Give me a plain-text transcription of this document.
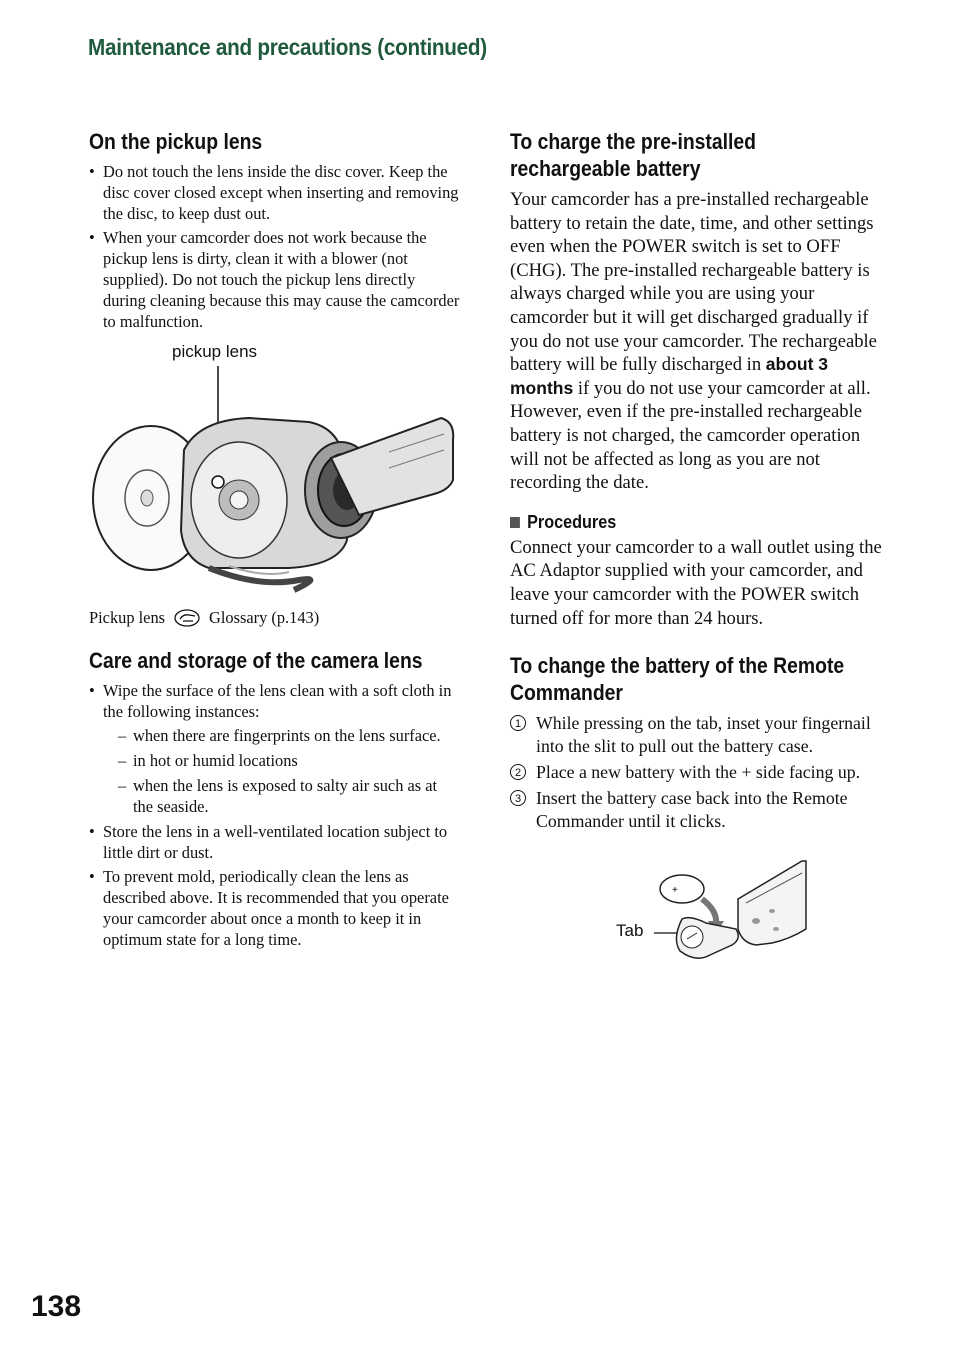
Maintenance and precautions (continued)
On the pickup lens
• Do not touch the lens inside the disc cover. Keep the disc cover closed except when inserting and removing the disc, to keep dust out.
• When your camcorder does not work because the pickup lens is dirty, clean it with a blower (not supplied). Do not touch the pickup lens directly during cleaning because this may cause the camcorder to malfunction.
pickup lens
Pickup lens	Glossary (p.143)
Care and storage of the camera lens
• Wipe the surface of the lens clean with a soft cloth in the following instances:
– when there are fingerprints on the lens surface.
– in hot or humid locations
– when the lens is exposed to salty air such as at the seaside.
• Store the lens in a well-ventilated location subject to little dirt or dust.
• To prevent mold, periodically clean the lens as described above. It is recommended that you operate your camcorder about once a month to keep it in optimum state for a long time.
To charge the pre-installed
rechargeable battery

Your camcorder has a pre-installed rechargeable battery to retain the date, time, and other settings even when the POWER switch is set to OFF (CHG). The pre-installed rechargeable battery is always charged while you are using your camcorder but it will get discharged gradually if you do not use your camcorder. The rechargeable battery will be fully discharged in about 3 months if you do not use your camcorder at all. However, even if the pre-installed rechargeable battery is not charged, the camcorder operation will not be affected as long as you are not recording the date.

Procedures

Connect your camcorder to a wall outlet using the AC Adaptor supplied with your camcorder, and leave your camcorder with the POWER switch turned off for more than 24 hours.

To change the battery of the Remote Commander
1 While pressing on the tab, inset your fingernail into the slit to pull out the battery case.
2 Place a new battery with the + side facing up.
3 Insert the battery case back into the Remote Commander until it clicks.
Tab
+
138
